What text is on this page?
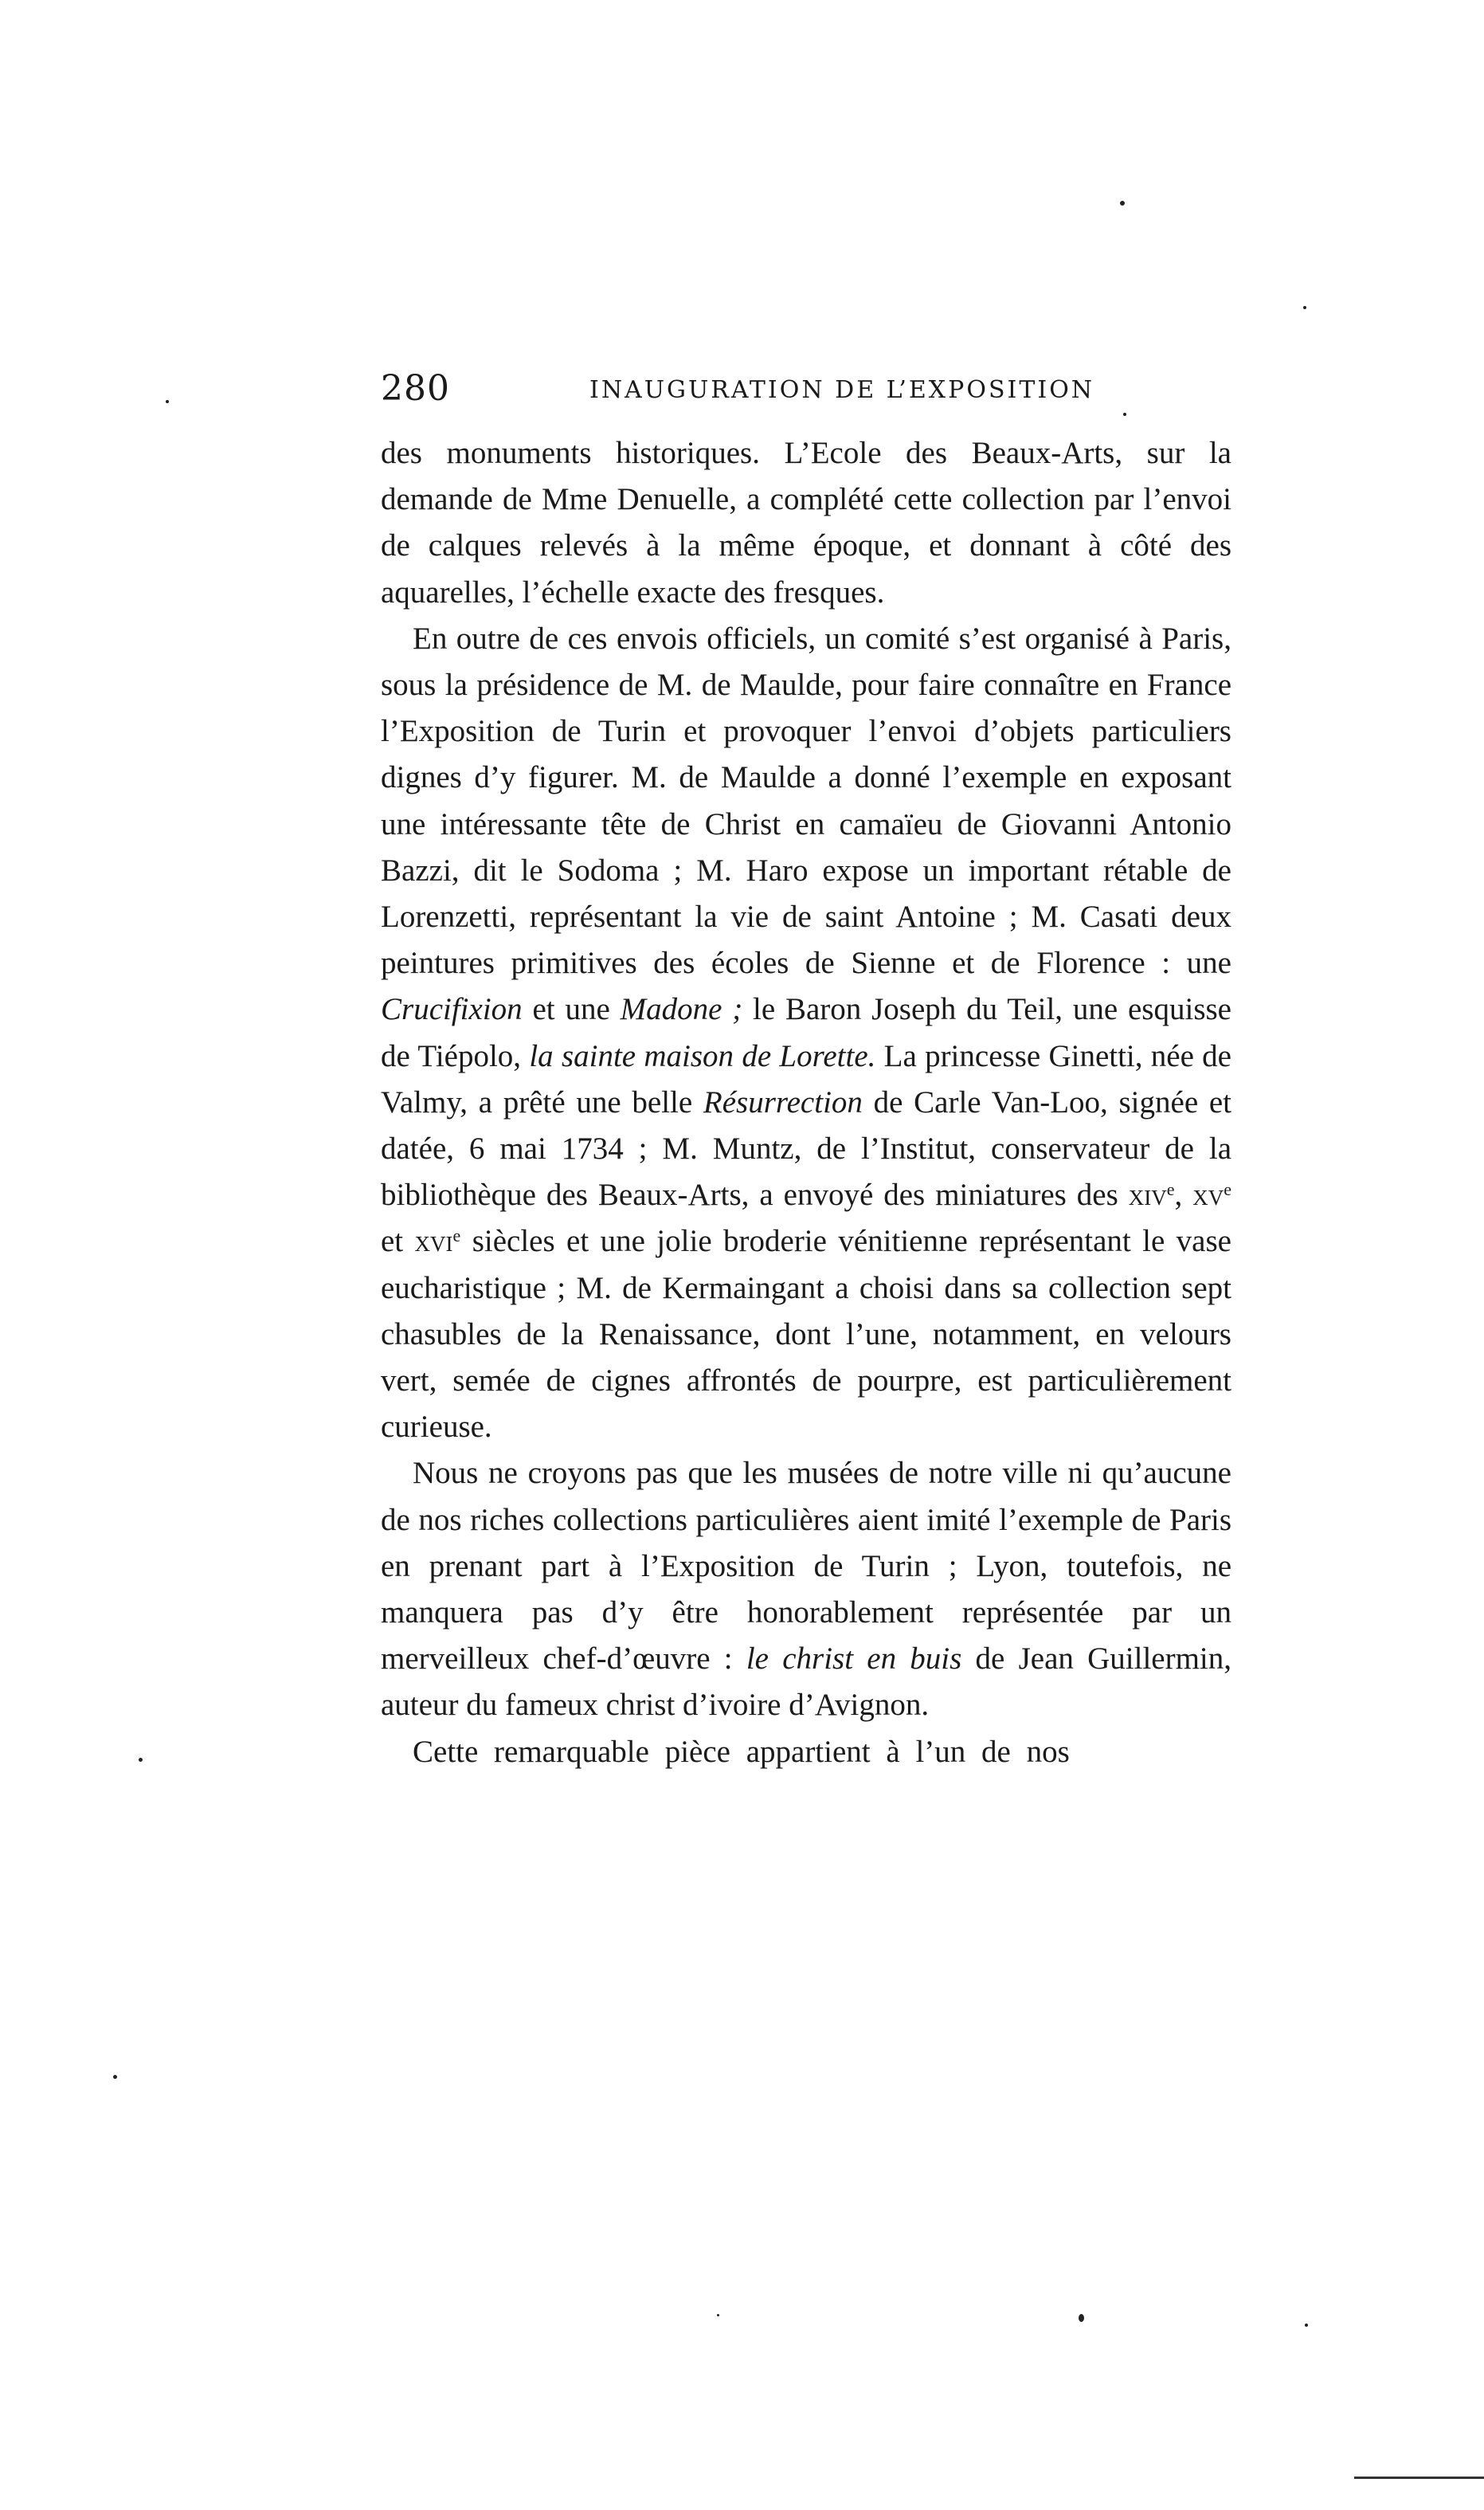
280	INAUGURATION DE L’EXPOSITION

des monuments historiques. L’Ecole des Beaux-Arts, sur la demande de Mme Denuelle, a complété cette collection par l’envoi de calques relevés à la même époque, et donnant à côté des aquarelles, l’échelle exacte des fresques.

En outre de ces envois officiels, un comité s’est organisé à Paris, sous la présidence de M. de Maulde, pour faire connaître en France l’Exposition de Turin et provoquer l’envoi d’objets particuliers dignes d’y figurer. M. de Maulde a donné l’exemple en exposant une intéressante tête de Christ en camaïeu de Giovanni Antonio Bazzi, dit le Sodoma ; M. Haro expose un important rétable de Lorenzetti, représentant la vie de saint Antoine ; M. Casati deux peintures primitives des écoles de Sienne et de Florence : une Crucifixion et une Madone ; le Baron Joseph du Teil, une esquisse de Tiépolo, la sainte maison de Lorette. La princesse Ginetti, née de Valmy, a prêté une belle Résurrection de Carle Van-Loo, signée et datée, 6 mai 1734 ; M. Muntz, de l’Institut, conservateur de la bibliothèque des Beaux-Arts, a envoyé des miniatures des xiv$^e$, $xv^e$ et xvi$^e$ siècles et une jolie broderie vénitienne représentant le vase eucharistique ; M. de Kermaingant a choisi dans sa collection sept chasubles de la Renaissance, dont l’une, notamment, en velours vert, semée de cignes affrontés de pourpre, est particulièrement curieuse.

Nous ne croyons pas que les musées de notre ville ni qu’aucune de nos riches collections particulières aient imité l’exemple de Paris en prenant part à l’Exposition de Turin ; Lyon, toutefois, ne manquera pas d’y être honorablement représentée par un merveilleux chef-d’œuvre : le christ en buis de Jean Guillermin, auteur du fameux christ d’ivoire d’Avignon.

Cette remarquable pièce appartient à l’un de nos
